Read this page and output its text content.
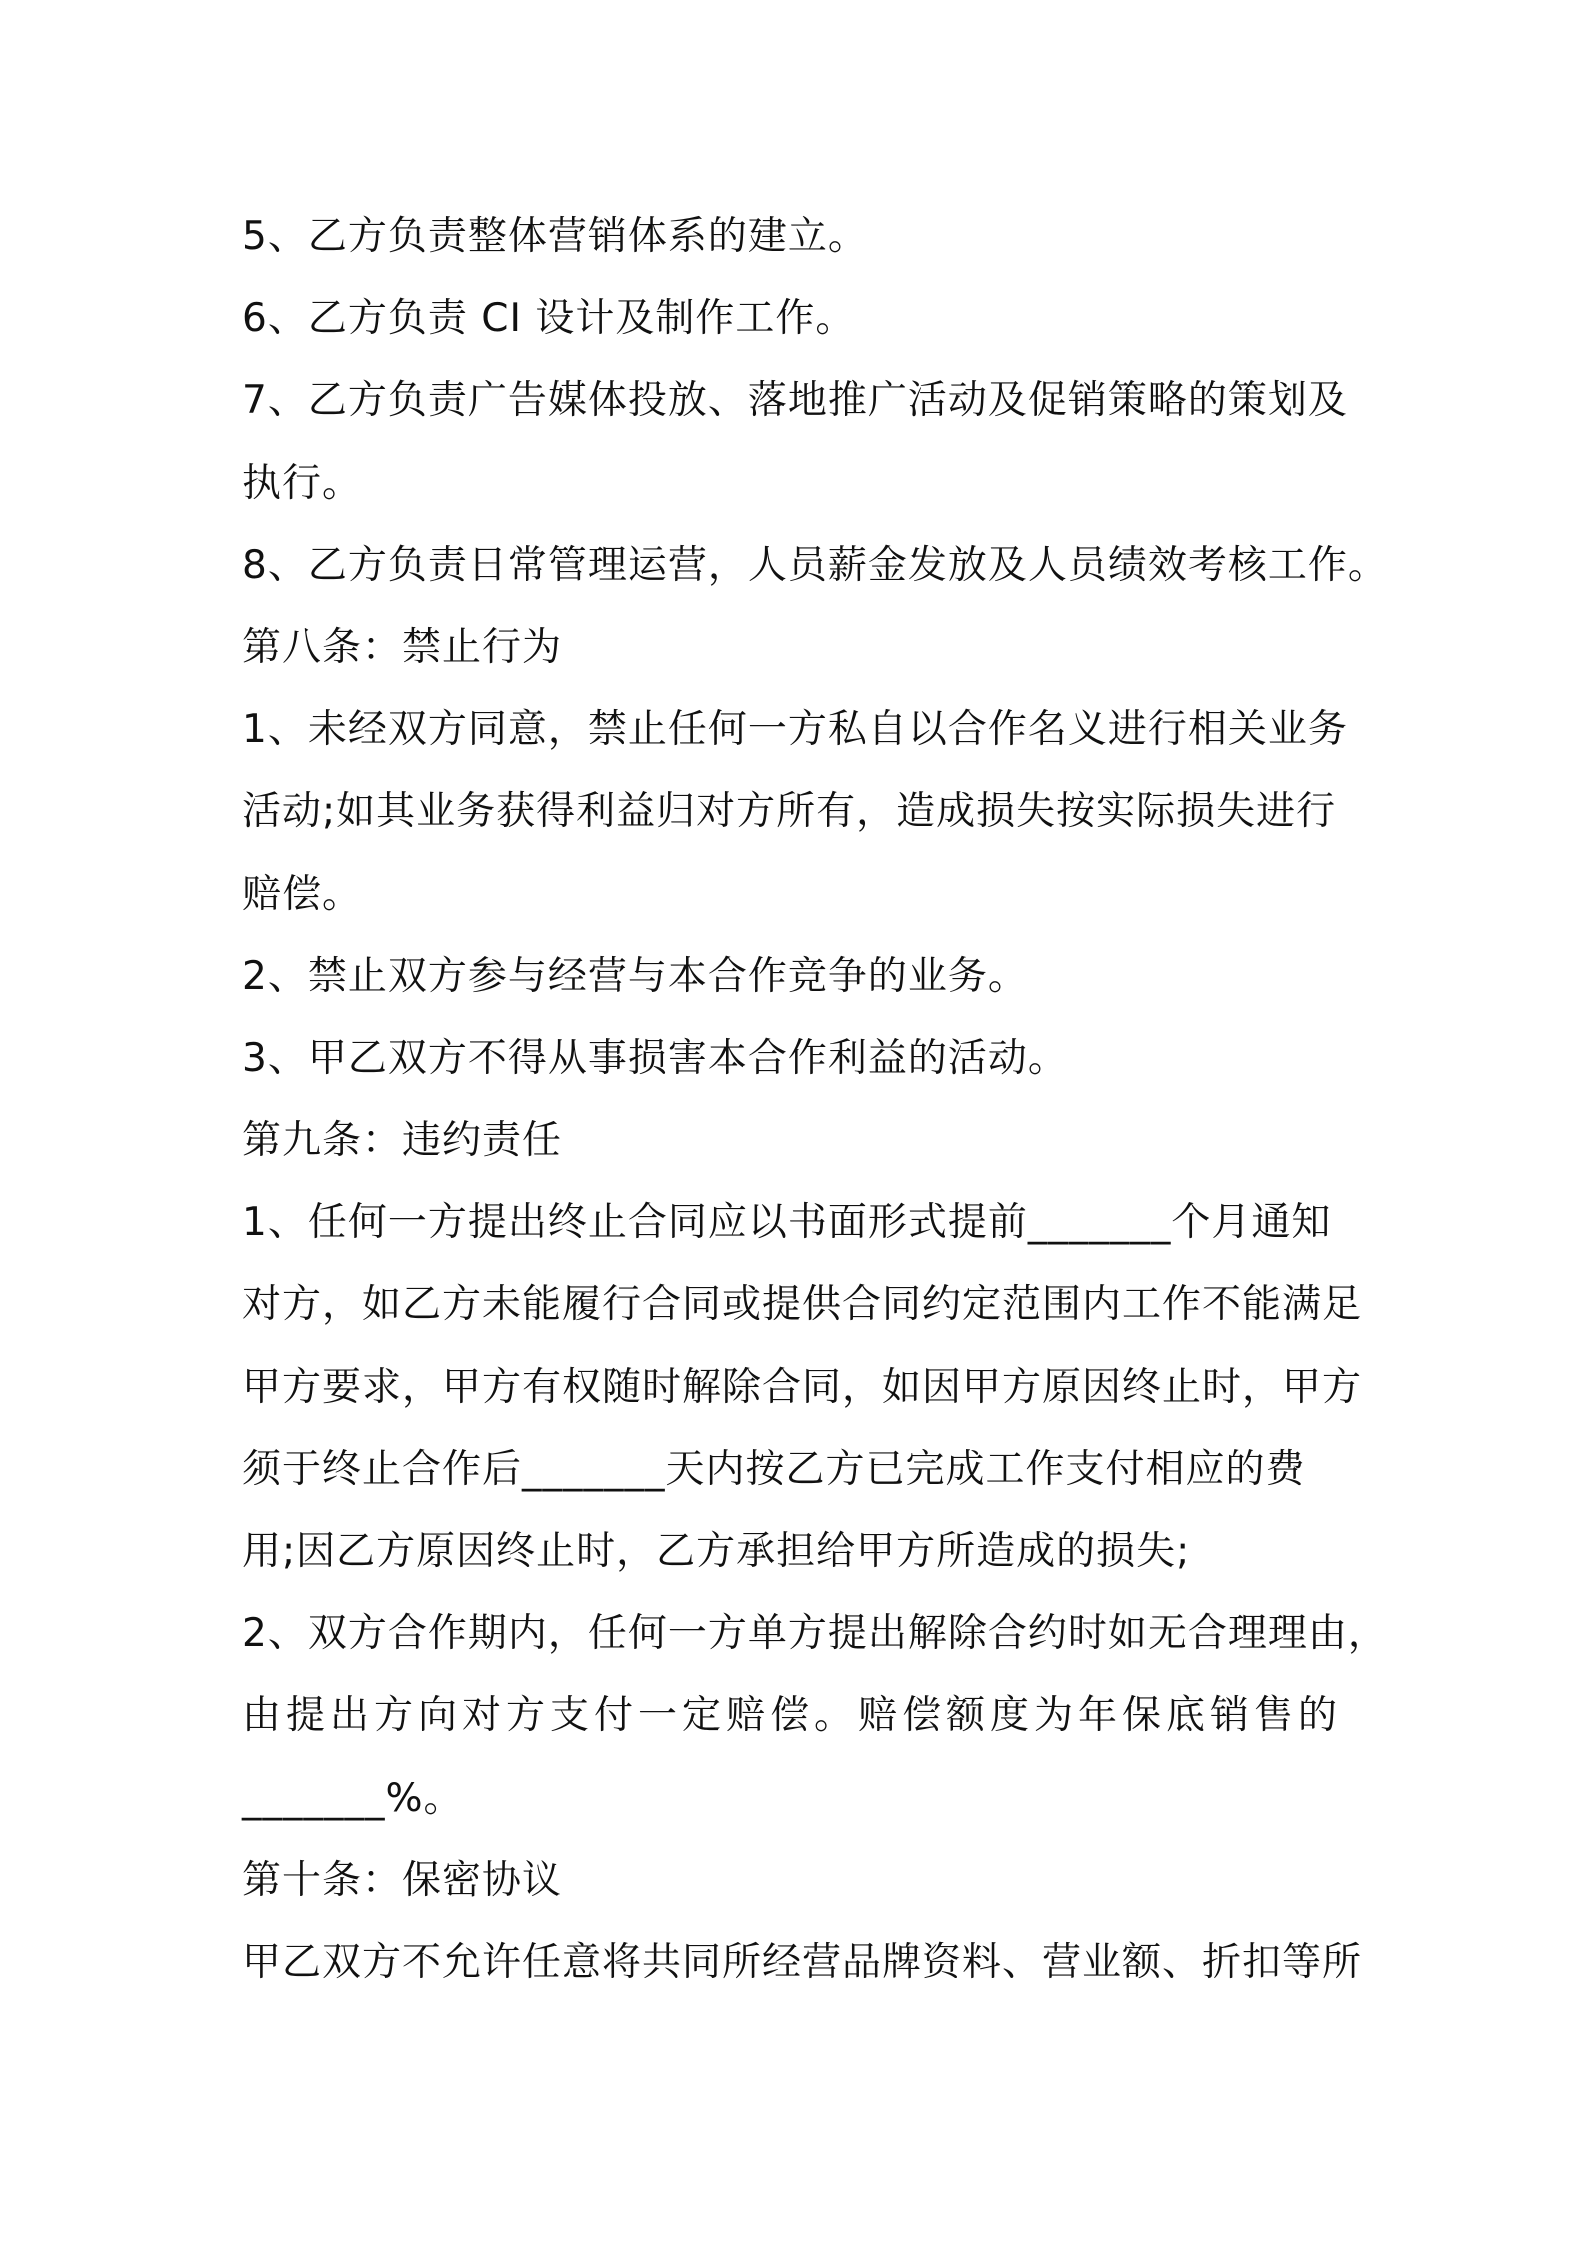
5、乙方负责整体营销体系的建立。
6、乙方负责 CI 设计及制作工作。
7、乙方负责广告媒体投放、落地推广活动及促销策略的策划及
执行。
8、乙方负责日常管理运营，人员薪金发放及人员绩效考核工作。
第八条：禁止行为
1、未经双方同意，禁止任何一方私自以合作名义进行相关业务
活动;如其业务获得利益归对方所有，造成损失按实际损失进行
赔偿。
2、禁止双方参与经营与本合作竞争的业务。
3、甲乙双方不得从事损害本合作利益的活动。
第九条：违约责任
1、任何一方提出终止合同应以书面形式提前_______个月通知
对方，如乙方未能履行合同或提供合同约定范围内工作不能满足
甲方要求，甲方有权随时解除合同，如因甲方原因终止时，甲方
须于终止合作后_______天内按乙方已完成工作支付相应的费
用;因乙方原因终止时，乙方承担给甲方所造成的损失;
2、双方合作期内，任何一方单方提出解除合约时如无合理理由，
由提出方向对方支付一定赔偿。赔偿额度为年保底销售的
_______%。
第十条：保密协议
甲乙双方不允许任意将共同所经营品牌资料、营业额、折扣等所
